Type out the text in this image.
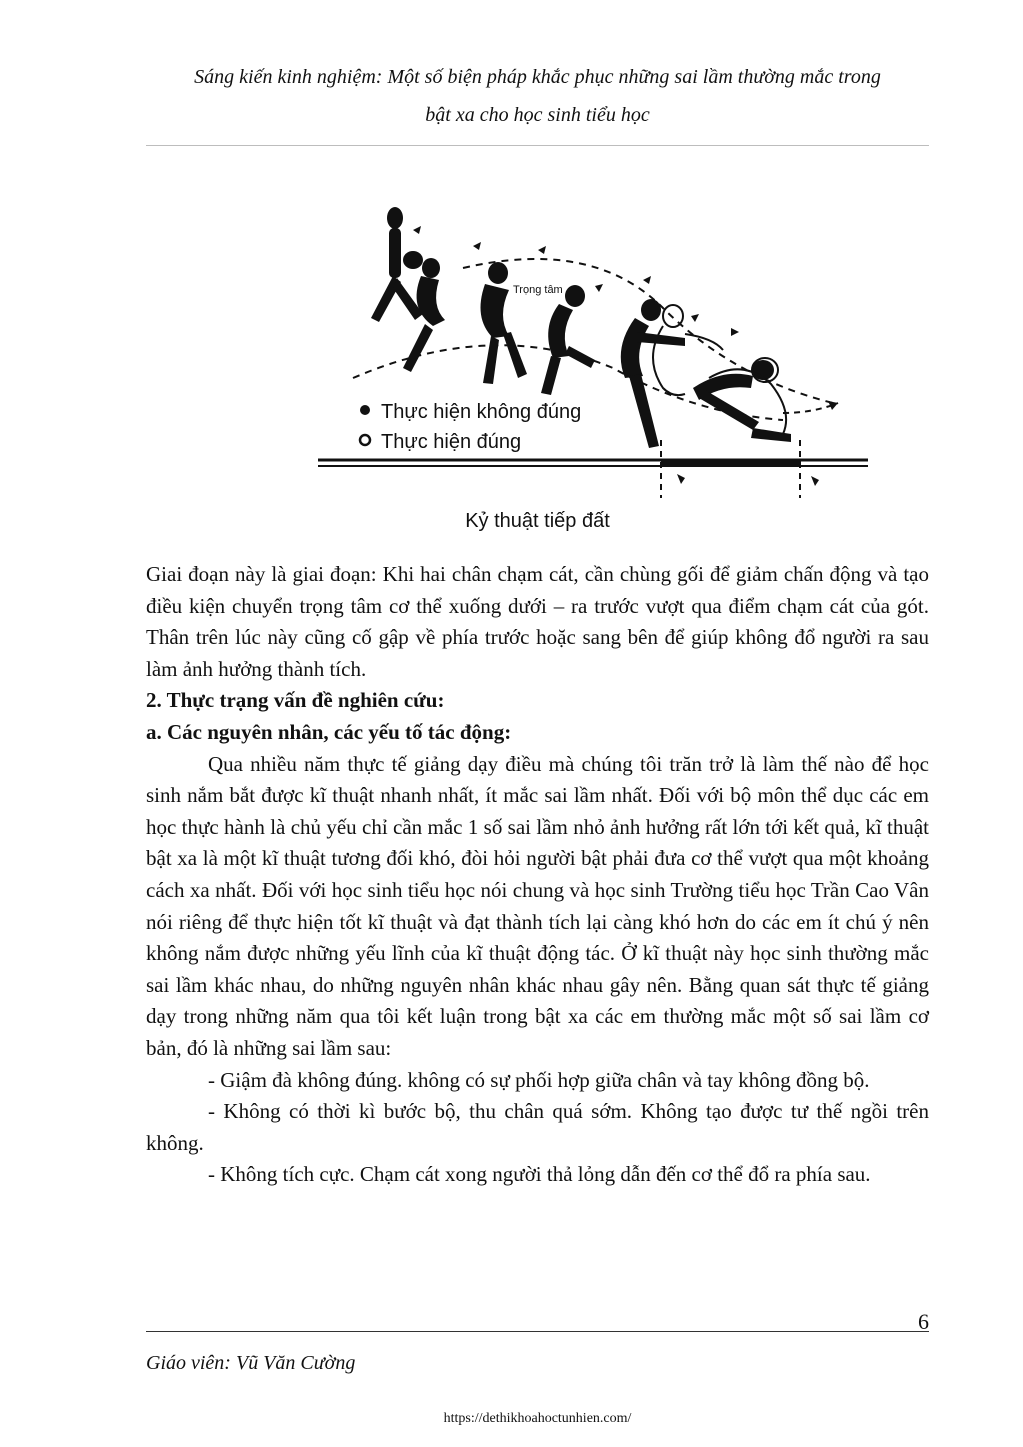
Sáng kiến kinh nghiệm: Một số biện pháp khắc phục những sai lầm thường mắc trong
bật xa cho học sinh tiểu học
Trọng tâm
Thực hiện không đúng
Thực hiện đúng
Kỷ thuật tiếp đất

Giai đoạn này là giai đoạn: Khi hai chân chạm cát, cần chùng gối để giảm chấn động và tạo điều kiện chuyển trọng tâm cơ thể xuống dưới – ra trước vượt qua điểm chạm cát của gót. Thân trên lúc này cũng cố gập về phía trước hoặc sang bên để giúp không đổ người ra sau làm ảnh hưởng thành tích.

2. Thực trạng vấn đề nghiên cứu:

a. Các nguyên nhân, các yếu tố tác động:

Qua nhiều năm thực tế giảng dạy điều mà chúng tôi trăn trở là làm thế nào để học sinh nắm bắt được kĩ thuật nhanh nhất, ít mắc sai lầm nhất. Đối với bộ môn thể dục các em học thực hành là chủ yếu chỉ cần mắc 1 số sai lầm nhỏ ảnh hưởng rất lớn tới kết quả, kĩ thuật bật xa là một kĩ thuật tương đối khó, đòi hỏi người bật phải đưa cơ thể vượt qua một khoảng cách xa nhất. Đối với học sinh tiểu học nói chung và học sinh Trường tiểu học Trần Cao Vân nói riêng để thực hiện tốt kĩ thuật và đạt thành tích lại càng khó hơn do các em ít chú ý nên không nắm được những yếu lĩnh của kĩ thuật động tác. Ở kĩ thuật này học sinh thường mắc sai lầm khác nhau, do những nguyên nhân khác nhau gây nên. Bằng quan sát thực tế giảng dạy trong những năm qua tôi kết luận trong bật xa các em thường mắc một số sai lầm cơ bản, đó là những sai lầm sau:

- Giậm đà không đúng. không có sự phối hợp giữa chân và tay không đồng bộ.

- Không có thời kì bước bộ, thu chân quá sớm. Không tạo được tư thế ngồi trên không.

- Không tích cực. Chạm cát xong người thả lỏng dẫn đến cơ thể đổ ra phía sau.

6
Giáo viên: Vũ Văn Cường
https://dethikhoahoctunhien.com/
